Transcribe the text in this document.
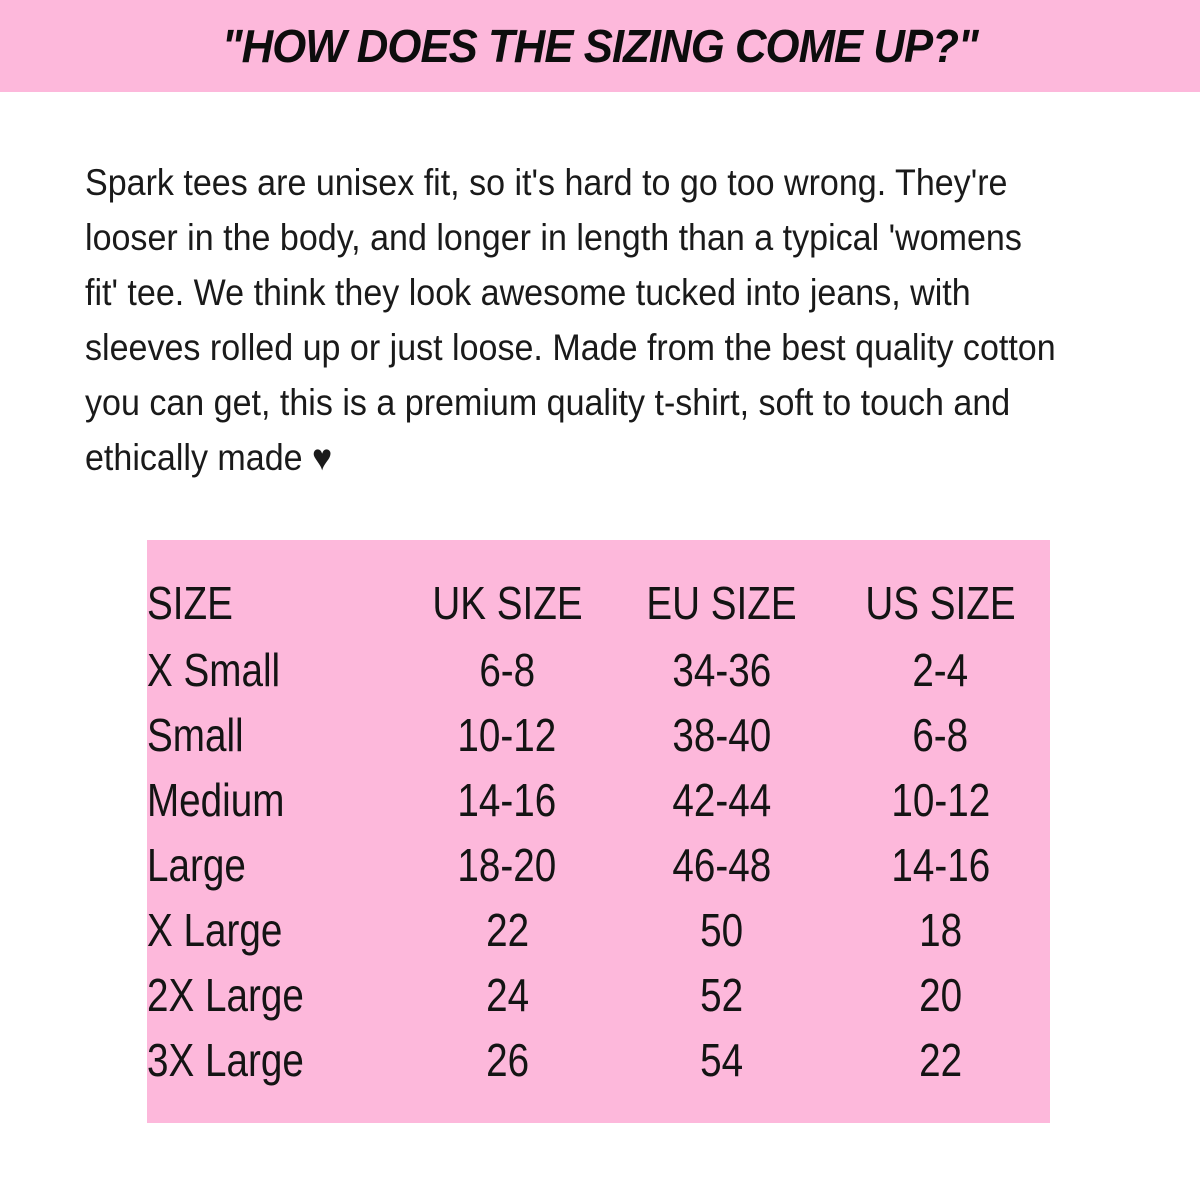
"HOW DOES THE SIZING COME UP?"
Spark tees are unisex fit, so it's hard to go too wrong. They're
looser in the body, and longer in length than a typical 'womens
fit' tee. We think they look awesome tucked into jeans, with
sleeves rolled up or just loose. Made from the best quality cotton
you can get, this is a premium quality t-shirt, soft to touch and
ethically made ♥
SIZE	UK SIZE	EU SIZE	US SIZE
X Small	6-8	34-36	2-4
Small	10-12	38-40	6-8
Medium	14-16	42-44	10-12
Large	18-20	46-48	14-16
X Large	22	50	18
2X Large	24	52	20
3X Large	26	54	22
